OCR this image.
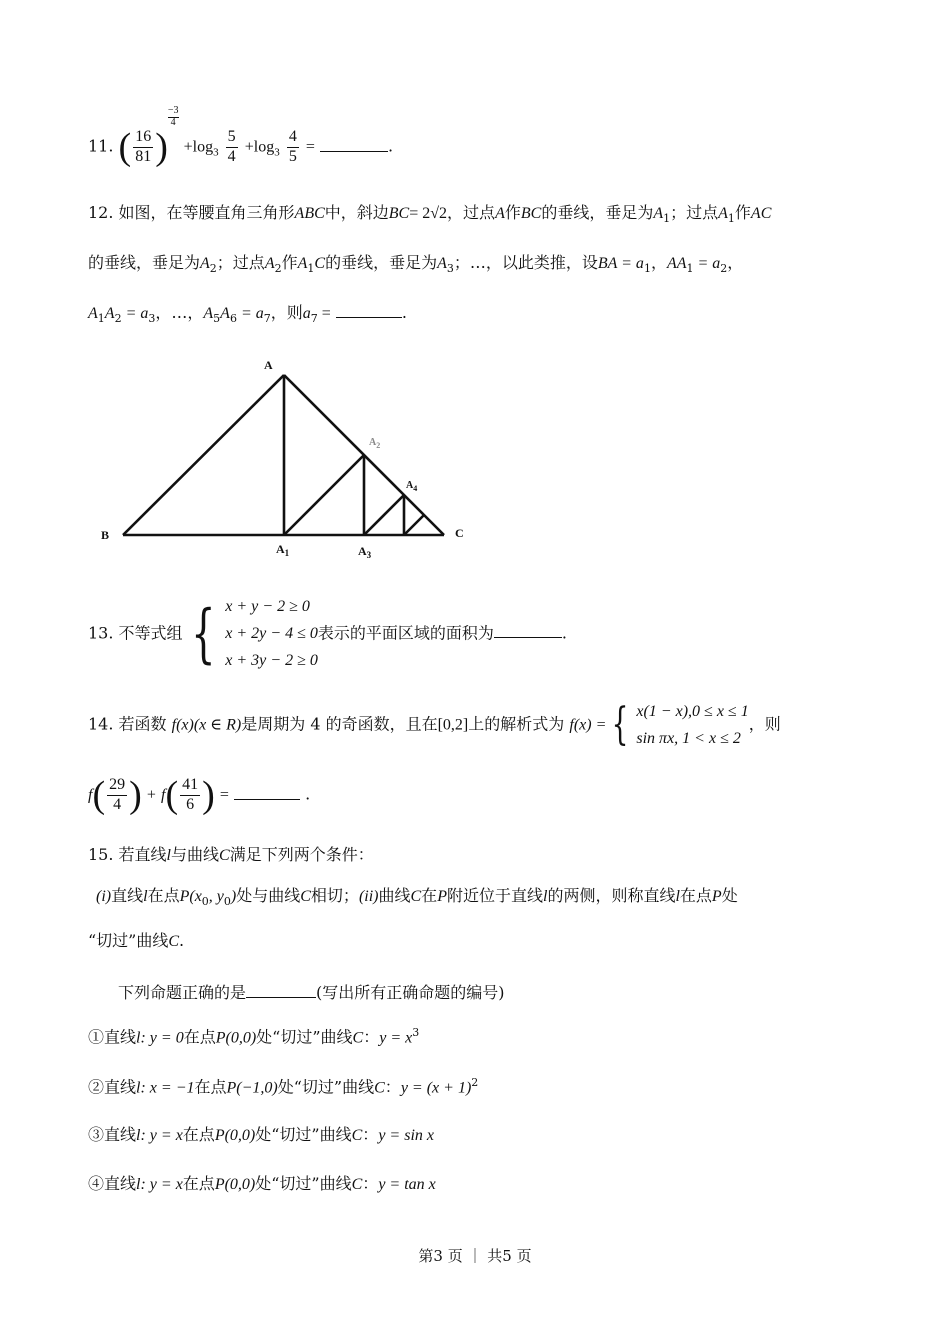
11. ( $\frac{16}{81}$ )
$\frac{-3}{4}$
$+\log_3 \frac{5}{4} +\log_3 \frac{4}{5}$ =	.
12. 如图，在等腰直角三角形ABC中，斜边BC= 2√2，过点A作BC的垂线，垂足为$A_1$；过点$A_1$作AC
的垂线，垂足为$A_2$；过点$A_2$作$A_1C$的垂线，垂足为$A_3$；…，以此类推，设BA = $a_1$，$AA_1 = a_2$，
$A_1A_2 = a_3$，…，$A_5A_6 = a_7$，则$a_7$ =	.
A
$A_2$
$A_4$
B	C
$A_1$	$A_3$
13. 不等式组 { x + y − 2 ≥ 0
x + 2y − 4 ≤ 0
x + 3y − 2 ≥ 0
表示的平面区域的面积为	.
14. 若函数 f(x)(x ∈ R)是周期为 4 的奇函数，且在[0,2]上的解析式为 f(x) = { x(1 − x),0 ≤ x ≤ 1
sin πx, 1 < x ≤ 2
，则
$f( \frac{29}{4}$ ) + $f( \frac{41}{6}$ ) =	.
15. 若直线l与曲线C满足下列两个条件：
(i)直线l在点$P(x_0$, $y_0$)处与曲线C相切；(ii)曲线C在P附近位于直线l的两侧，则称直线l在点P处
“切过”曲线C.
下列命题正确的是	(写出所有正确命题的编号)
①直线l: y = 0在点P(0,0)处“切过”曲线C：$y = x^3$
②直线l: x = −1在点P(−1,0)处“切过”曲线C：$y = (x + 1)^2$
③直线l: y = x在点P(0,0)处“切过”曲线C：y = sin x
④直线l: y = x在点P(0,0)处“切过”曲线C：y = tan x
第3 页 ｜ 共5 页
